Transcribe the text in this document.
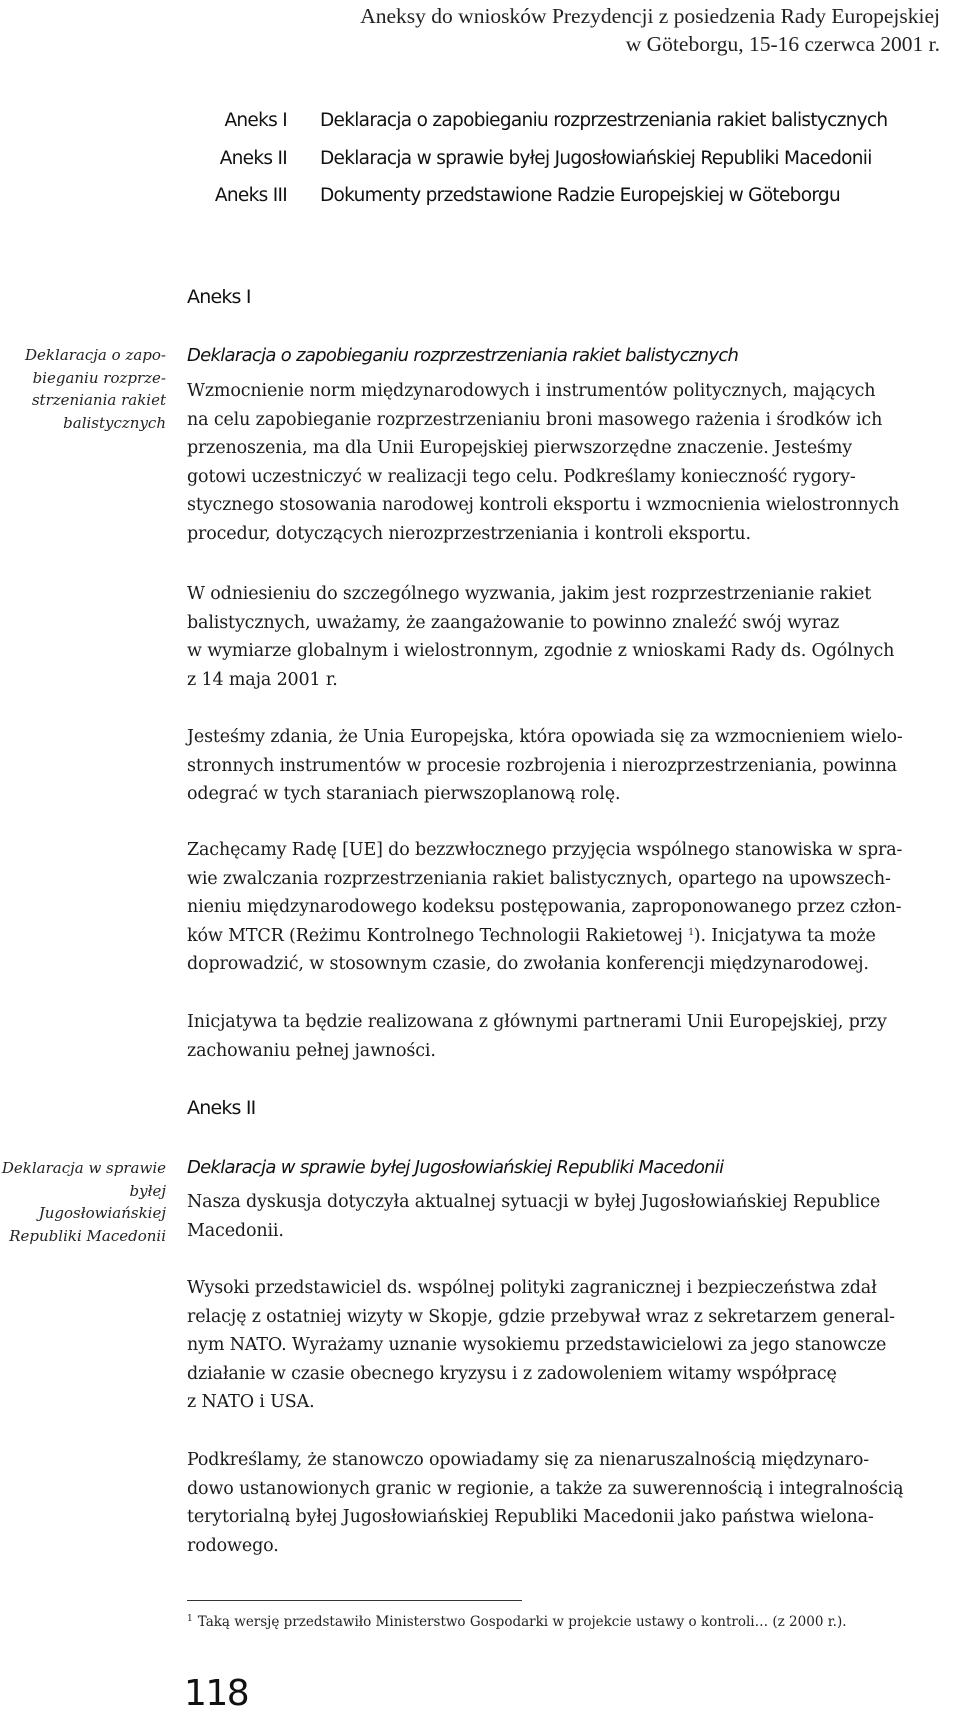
Aneksy do wniosków Prezydencji z posiedzenia Rady Europejskiej
w Göteborgu, 15-16 czerwca 2001 r.
Aneks I Deklaracja o zapobieganiu rozprzestrzeniania rakiet balistycznych
Aneks II Deklaracja w sprawie byłej Jugosłowiańskiej Republiki Macedonii
Aneks III Dokumenty przedstawione Radzie Europejskiej w Göteborgu
Aneks I
Deklaracja o zapo-
bieganiu rozprze-
strzeniania rakiet
balistycznych
Deklaracja o zapobieganiu rozprzestrzeniania rakiet balistycznych
Wzmocnienie norm międzynarodowych i instrumentów politycznych, mających
na celu zapobieganie rozprzestrzenianiu broni masowego rażenia i środków ich
przenoszenia, ma dla Unii Europejskiej pierwszorzędne znaczenie. Jesteśmy
gotowi uczestniczyć w realizacji tego celu. Podkreślamy konieczność rygory-
stycznego stosowania narodowej kontroli eksportu i wzmocnienia wielostronnych
procedur, dotyczących nierozprzestrzeniania i kontroli eksportu.
W odniesieniu do szczególnego wyzwania, jakim jest rozprzestrzenianie rakiet
balistycznych, uważamy, że zaangażowanie to powinno znaleźć swój wyraz
w wymiarze globalnym i wielostronnym, zgodnie z wnioskami Rady ds. Ogólnych
z 14 maja 2001 r.
Jesteśmy zdania, że Unia Europejska, która opowiada się za wzmocnieniem wielo-
stronnych instrumentów w procesie rozbrojenia i nierozprzestrzeniania, powinna
odegrać w tych staraniach pierwszoplanową rolę.
Zachęcamy Radę [UE] do bezzwłocznego przyjęcia wspólnego stanowiska w spra-
wie zwalczania rozprzestrzeniania rakiet balistycznych, opartego na upowszech-
nieniu międzynarodowego kodeksu postępowania, zaproponowanego przez człon-
ków MTCR (Reżimu Kontrolnego Technologii Rakietowej $^1$). Inicjatywa ta może
doprowadzić, w stosownym czasie, do zwołania konferencji międzynarodowej.
Inicjatywa ta będzie realizowana z głównymi partnerami Unii Europejskiej, przy
zachowaniu pełnej jawności.
Aneks II
Deklaracja w sprawie
byłej Jugosłowiańskiej
Republiki Macedonii
Deklaracja w sprawie byłej Jugosłowiańskiej Republiki Macedonii
Nasza dyskusja dotyczyła aktualnej sytuacji w byłej Jugosłowiańskiej Republice
Macedonii.
Wysoki przedstawiciel ds. wspólnej polityki zagranicznej i bezpieczeństwa zdał
relację z ostatniej wizyty w Skopje, gdzie przebywał wraz z sekretarzem general-
nym NATO. Wyrażamy uznanie wysokiemu przedstawicielowi za jego stanowcze
działanie w czasie obecnego kryzysu i z zadowoleniem witamy współpracę
z NATO i USA.
Podkreślamy, że stanowczo opowiadamy się za nienaruszalnością międzynaro-
dowo ustanowionych granic w regionie, a także za suwerennością i integralnością
terytorialną byłej Jugosłowiańskiej Republiki Macedonii jako państwa wielona-
rodowego.
$^1$ Taką wersję przedstawiło Ministerstwo Gospodarki w projekcie ustawy o kontroli… (z 2000 r.).
118
